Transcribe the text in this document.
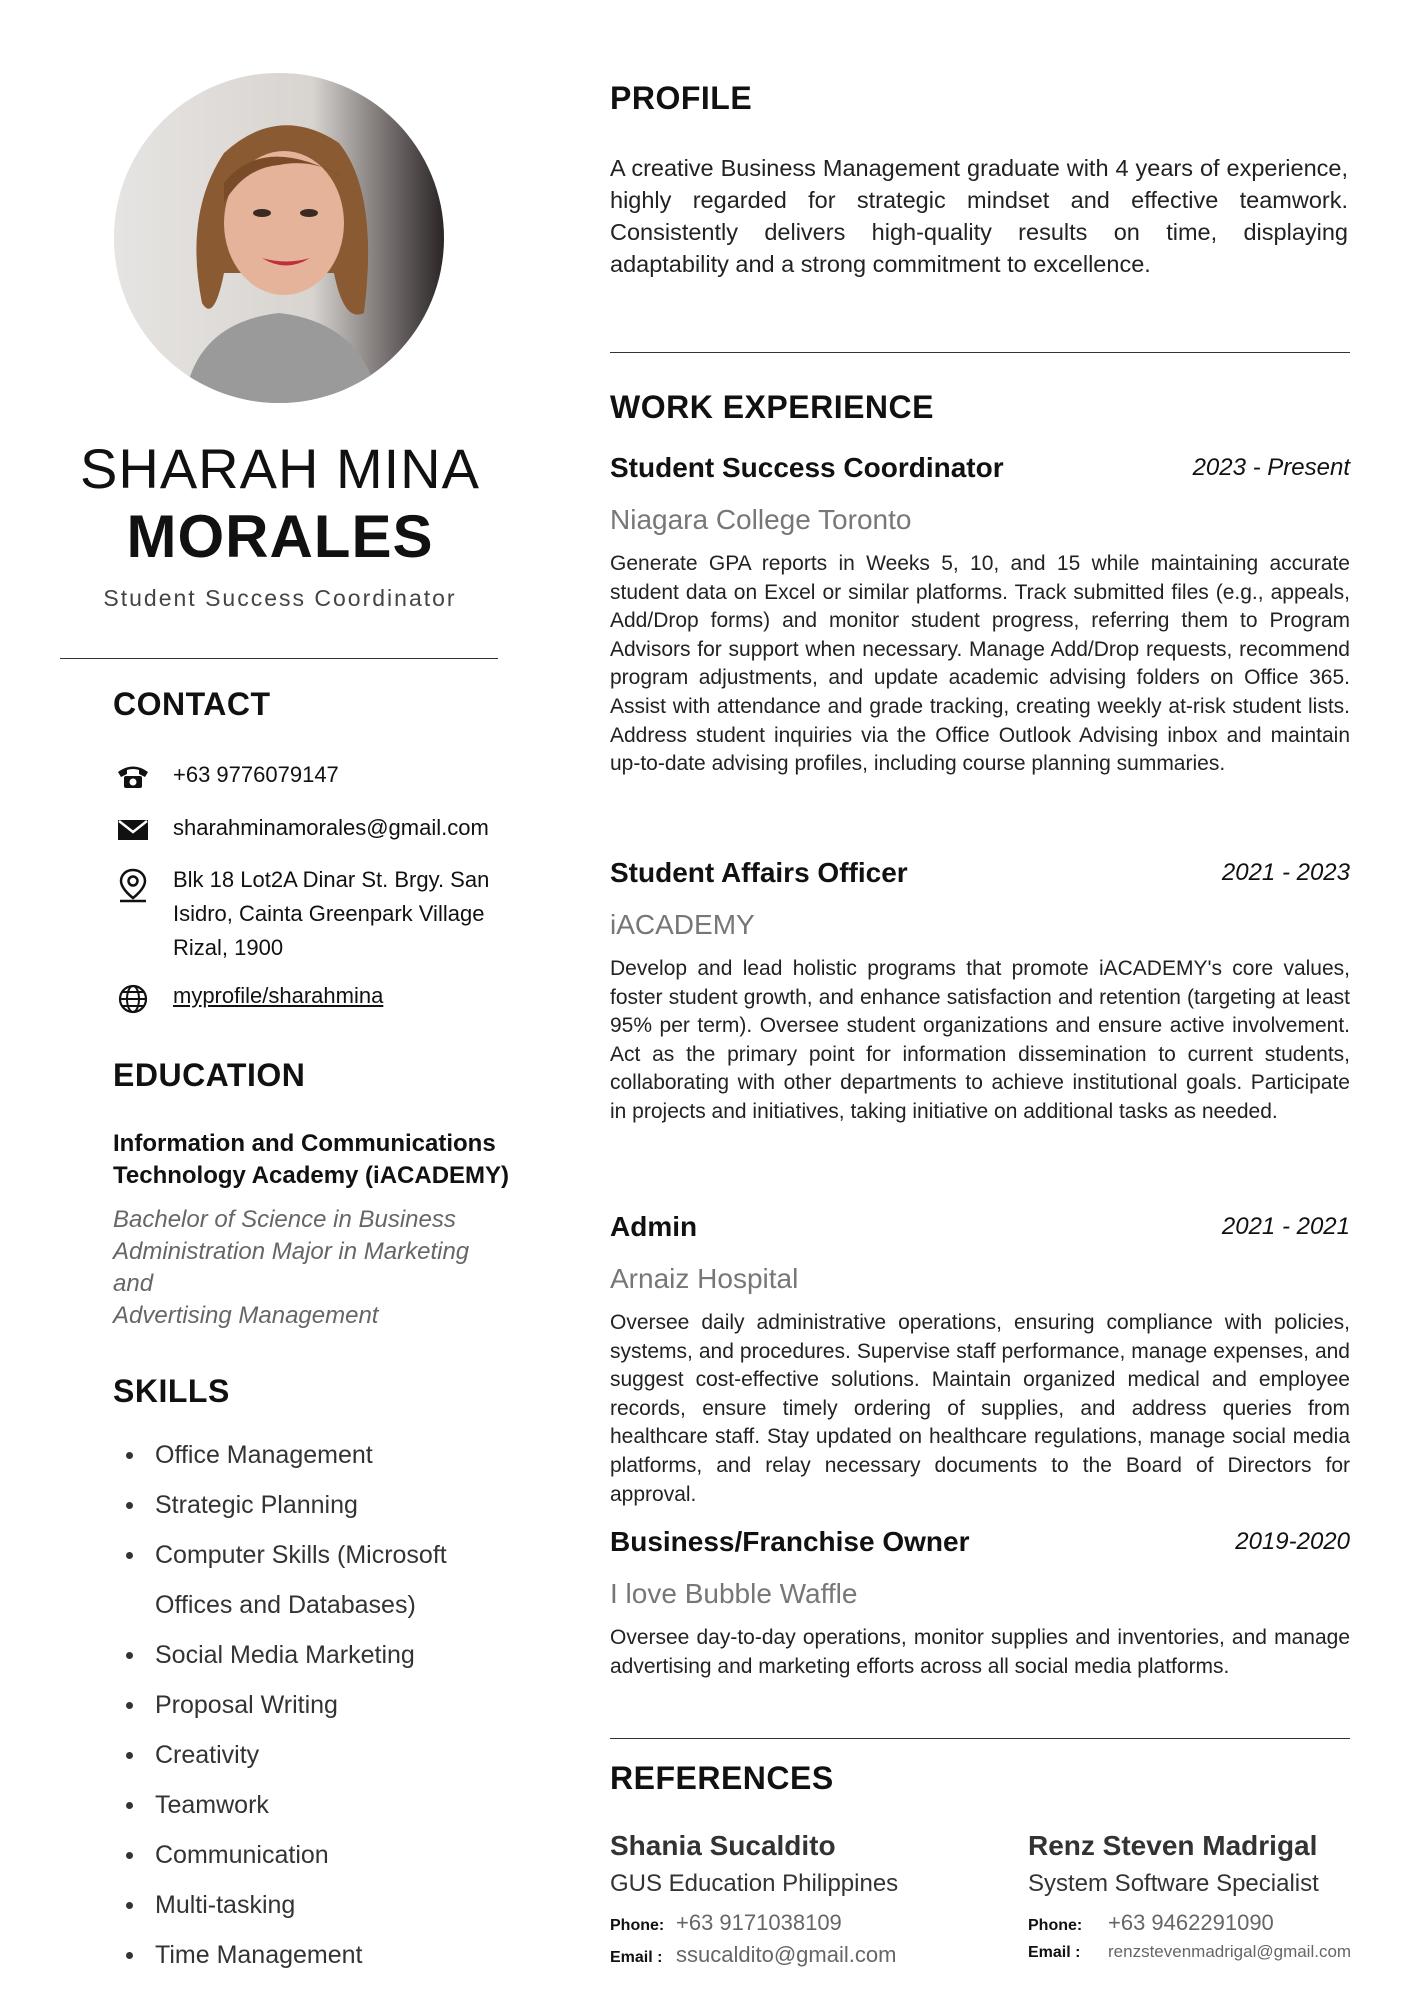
SHARAH MINA
MORALES
Student Success Coordinator
CONTACT
+63 9776079147
sharahminamorales@gmail.com
Blk 18 Lot2A Dinar St. Brgy. San
Isidro, Cainta Greenpark Village
Rizal, 1900
myprofile/sharahmina
EDUCATION
Information and Communications
Technology Academy (iACADEMY)
Bachelor of Science in Business
Administration Major in Marketing
and
Advertising Management
SKILLS
Office Management
Strategic Planning
Computer Skills (Microsoft Offices and Databases)
Social Media Marketing
Proposal Writing
Creativity
Teamwork
Communication
Multi-tasking
Time Management
PROFILE
A creative Business Management graduate with 4 years of experience, highly regarded for strategic mindset and effective teamwork. Consistently delivers high-quality results on time, displaying adaptability and a strong commitment to excellence.
WORK EXPERIENCE
Student Success Coordinator	2023 - Present
Niagara College Toronto
Generate GPA reports in Weeks 5, 10, and 15 while maintaining accurate student data on Excel or similar platforms. Track submitted files (e.g., appeals, Add/Drop forms) and monitor student progress, referring them to Program Advisors for support when necessary. Manage Add/Drop requests, recommend program adjustments, and update academic advising folders on Office 365. Assist with attendance and grade tracking, creating weekly at-risk student lists. Address student inquiries via the Office Outlook Advising inbox and maintain up-to-date advising profiles, including course planning summaries.
Student Affairs Officer	2021 - 2023
iACADEMY
Develop and lead holistic programs that promote iACADEMY's core values, foster student growth, and enhance satisfaction and retention (targeting at least 95% per term). Oversee student organizations and ensure active involvement. Act as the primary point for information dissemination to current students, collaborating with other departments to achieve institutional goals. Participate in projects and initiatives, taking initiative on additional tasks as needed.
Admin	2021 - 2021
Arnaiz Hospital
Oversee daily administrative operations, ensuring compliance with policies, systems, and procedures. Supervise staff performance, manage expenses, and suggest cost-effective solutions. Maintain organized medical and employee records, ensure timely ordering of supplies, and address queries from healthcare staff. Stay updated on healthcare regulations, manage social media platforms, and relay necessary documents to the Board of Directors for approval.
Business/Franchise Owner	2019-2020
I love Bubble Waffle
Oversee day-to-day operations, monitor supplies and inventories, and manage advertising and marketing efforts across all social media platforms.
REFERENCES
Shania Sucaldito
GUS Education Philippines
Phone: +63 9171038109
Email : ssucaldito@gmail.com
Renz Steven Madrigal
System Software Specialist
Phone:	+63 9462291090
Email :	renzstevenmadrigal@gmail.com
